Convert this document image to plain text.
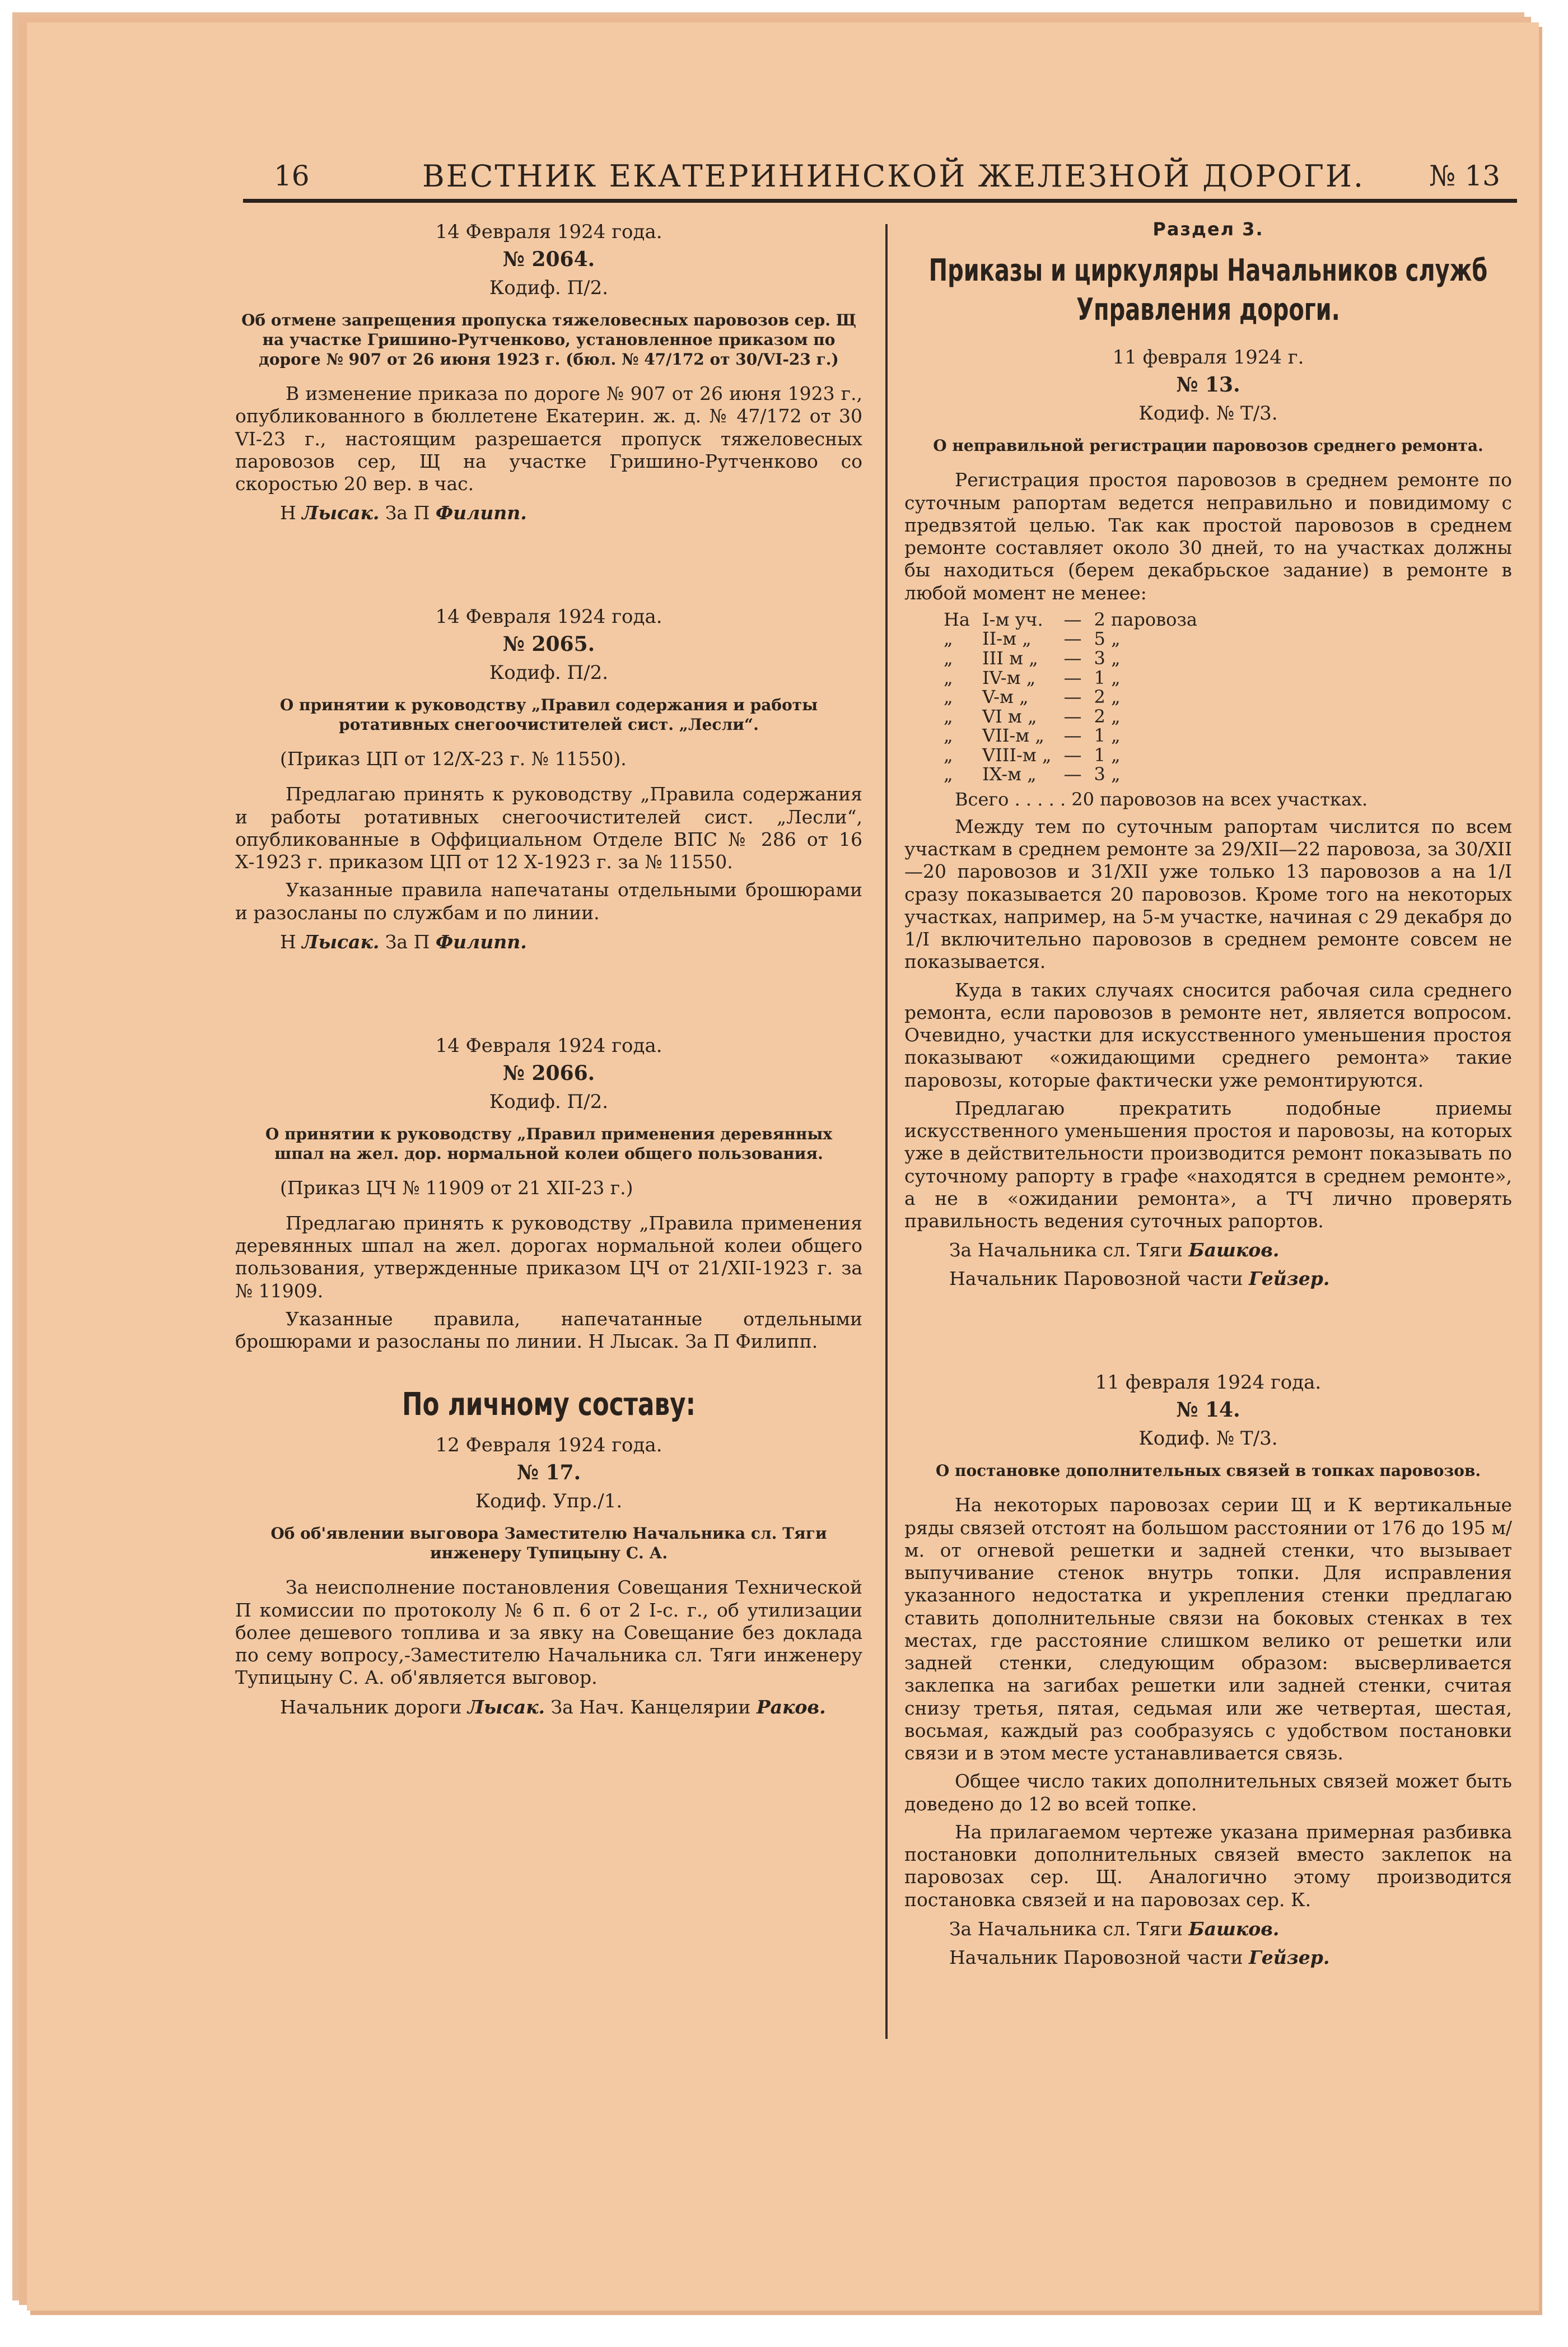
16	ВЕСТНИК ЕКАТЕРИНИНСКОЙ ЖЕЛЕЗНОЙ ДОРОГИ. № 13
14 Февраля 1924 года.
№ 2064.
Кодиф. П/2.
Об отмене запрещения пропуска тяжеловесных паровозов сер. Щ на участке Гришино-Рутченково, установленное приказом по дороге № 907 от 26 июня 1923 г. (бюл. № 47/172 от 30/VI-23 г.)

В изменение приказа по дороге № 907 от 26 июня 1923 г., опубликованного в бюллетене Екатерин. ж. д. № 47/172 от 30 VI-23 г., настоящим разрешается пропуск тяжеловесных паровозов сер, Щ на участке Гришино-Рутченково со скоростью 20 вер. в час.

Н Лысак. За П Филипп.
14 Февраля 1924 года.
№ 2065.
Кодиф. П/2.
О принятии к руководству „Правил содержания и работы ротативных снегоочистителей сист. „Лесли“.
(Приказ ЦП от 12/Х-23 г. № 11550).

Предлагаю принять к руководству „Правила содержания и работы ротативных снегоочистителей сист. „Лесли“, опубликованные в Оффициальном Отделе ВПС № 286 от 16 Х-1923 г. приказом ЦП от 12 Х-1923 г. за № 11550.

Указанные правила напечатаны отдельными брошюрами и разосланы по службам и по линии.

Н Лысак. За П Филипп.
14 Февраля 1924 года.
№ 2066.
Кодиф. П/2.
О принятии к руководству „Правил применения деревянных шпал на жел. дор. нормальной колеи общего пользования.
(Приказ ЦЧ № 11909 от 21 ХII-23 г.)

Предлагаю принять к руководству „Правила применения деревянных шпал на жел. дорогах нормальной колеи общего пользования, утвержденные приказом ЦЧ от 21/ХII-1923 г. за № 11909.

Указанные правила, напечатанные отдельными брошюрами и разосланы по линии. Н Лысак. За П Филипп.

По личному составу:
12 Февраля 1924 года.
№ 17.
Кодиф. Упр./1.
Об об'явлении выговора Заместителю Начальника сл. Тяги инженеру Тупицыну С. А.

За неисполнение постановления Совещания Технической П комиссии по протоколу № 6 п. 6 от 2 I-с. г., об утилизации более дешевого топлива и за явку на Совещание без доклада по сему вопросу,-Заместителю Начальника сл. Тяги инженеру Тупицыну С. А. об'является выговор.

Начальник дороги Лысак. За Нач. Канцелярии Раков.
Раздел 3.
Приказы и циркуляры Начальников служб Управления дороги.
11 февраля 1924 г.
№ 13.
Кодиф. № Т/3.
О неправильной регистрации паровозов среднего ремонта.

Регистрация простоя паровозов в среднем ремонте по суточным рапортам ведется неправильно и повидимому с предвзятой целью. Так как простой паровозов в среднем ремонте составляет около 30 дней, то на участках должны бы находиться (берем декабрьское задание) в ремонте в любой момент не менее:

На	I-м уч.	—	2 паровоза
„	II-м „	—	5 „
„	III м „	—	3 „
„	IV-м „	—	1 „
„	V-м „	—	2 „
„	VI м „	—	2 „
„	VII-м „	—	1 „
„	VIII-м „	—	1 „
„	IX-м „	—	3 „
Всего . . . . . 20 паровозов на всех участках.

Между тем по суточным рапортам числится по всем участкам в среднем ремонте за 29/ХII—22 паровоза, за 30/ХII—20 паровозов и 31/ХII уже только 13 паровозов а на 1/I сразу показывается 20 паровозов. Кроме того на некоторых участках, например, на 5-м участке, начиная с 29 декабря до 1/I включительно паровозов в среднем ремонте совсем не показывается.

Куда в таких случаях сносится рабочая сила среднего ремонта, если паровозов в ремонте нет, является вопросом. Очевидно, участки для искусственного уменьшения простоя показывают «ожидающими среднего ремонта» такие паровозы, которые фактически уже ремонтируются.

Предлагаю прекратить подобные приемы искусственного уменьшения простоя и паровозы, на которых уже в действительности производится ремонт показывать по суточному рапорту в графе «находятся в среднем ремонте», а не в «ожидании ремонта», а ТЧ лично проверять правильность ведения суточных рапортов.

За Начальника сл. Тяги Башков.
Начальник Паровозной части Гейзер.
11 февраля 1924 года.
№ 14.
Кодиф. № Т/3.
О постановке дополнительных связей в топках паровозов.

На некоторых паровозах серии Щ и К вертикальные ряды связей отстоят на большом расстоянии от 176 до 195 м/м. от огневой решетки и задней стенки, что вызывает выпучивание стенок внутрь топки. Для исправления указанного недостатка и укрепления стенки предлагаю ставить дополнительные связи на боковых стенках в тех местах, где расстояние слишком велико от решетки или задней стенки, следующим образом: высверливается заклепка на загибах решетки или задней стенки, считая снизу третья, пятая, седьмая или же четвертая, шестая, восьмая, каждый раз сообразуясь с удобством постановки связи и в этом месте устанавливается связь.

Общее число таких дополнительных связей может быть доведено до 12 во всей топке.

На прилагаемом чертеже указана примерная разбивка постановки дополнительных связей вместо заклепок на паровозах сер. Щ. Аналогично этому производится постановка связей и на паровозах сер. К.

За Начальника сл. Тяги Башков.
Начальник Паровозной части Гейзер.
